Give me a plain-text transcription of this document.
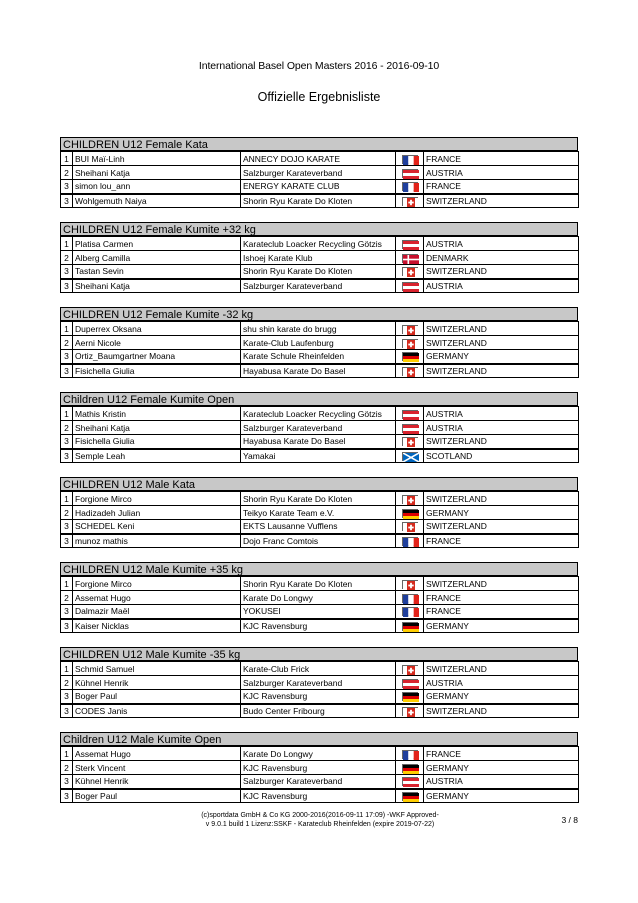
International Basel Open Masters 2016 - 2016-09-10
Offizielle Ergebnisliste
CHILDREN U12 Female Kata
1	BUI Maï-Linh	ANNECY DOJO KARATE		FRANCE
2	Sheihani Katja	Salzburger Karateverband		AUSTRIA
3	simon lou_ann	ENERGY KARATE CLUB		FRANCE
3	Wohlgemuth Naiya	Shorin Ryu Karate Do Kloten		SWITZERLAND
CHILDREN U12 Female Kumite +32 kg
1	Platisa Carmen	Karateclub Loacker Recycling Götzis		AUSTRIA
2	Alberg Camilla	Ishoej Karate Klub		DENMARK
3	Tastan Sevin	Shorin Ryu Karate Do Kloten		SWITZERLAND
3	Sheihani Katja	Salzburger Karateverband		AUSTRIA
CHILDREN U12 Female Kumite -32 kg
1	Duperrex Oksana	shu shin karate do brugg		SWITZERLAND
2	Aerni Nicole	Karate-Club Laufenburg		SWITZERLAND
3	Ortiz_Baumgartner Moana	Karate Schule Rheinfelden		GERMANY
3	Fisichella Giulia	Hayabusa Karate Do Basel		SWITZERLAND
Children U12 Female Kumite Open
1	Mathis Kristin	Karateclub Loacker Recycling Götzis		AUSTRIA
2	Sheihani Katja	Salzburger Karateverband		AUSTRIA
3	Fisichella Giulia	Hayabusa Karate Do Basel		SWITZERLAND
3	Semple Leah	Yamakai		SCOTLAND
CHILDREN U12 Male Kata
1	Forgione Mirco	Shorin Ryu Karate Do Kloten		SWITZERLAND
2	Hadizadeh Julian	Teikyo Karate Team e.V.		GERMANY
3	SCHEDEL Keni	EKTS Lausanne Vufflens		SWITZERLAND
3	munoz mathis	Dojo Franc Comtois		FRANCE
CHILDREN U12 Male Kumite +35 kg
1	Forgione Mirco	Shorin Ryu Karate Do Kloten		SWITZERLAND
2	Assemat Hugo	Karate Do Longwy		FRANCE
3	Dalmazir Maël	YOKUSEI		FRANCE
3	Kaiser Nicklas	KJC Ravensburg		GERMANY
CHILDREN U12 Male Kumite -35 kg
1	Schmid Samuel	Karate-Club Frick		SWITZERLAND
2	Kühnel Henrik	Salzburger Karateverband		AUSTRIA
3	Boger Paul	KJC Ravensburg		GERMANY
3	CODES Janis	Budo Center Fribourg		SWITZERLAND
Children U12 Male Kumite Open
1	Assemat Hugo	Karate Do Longwy		FRANCE
2	Sterk Vincent	KJC Ravensburg		GERMANY
3	Kühnel Henrik	Salzburger Karateverband		AUSTRIA
3	Boger Paul	KJC Ravensburg		GERMANY
(c)sportdata GmbH & Co KG 2000-2016(2016-09-11 17:09) -WKF Approved-
v 9.0.1 build 1 Lizenz:SSKF - Karateclub Rheinfelden (expire 2019-07-22)	3 / 8
